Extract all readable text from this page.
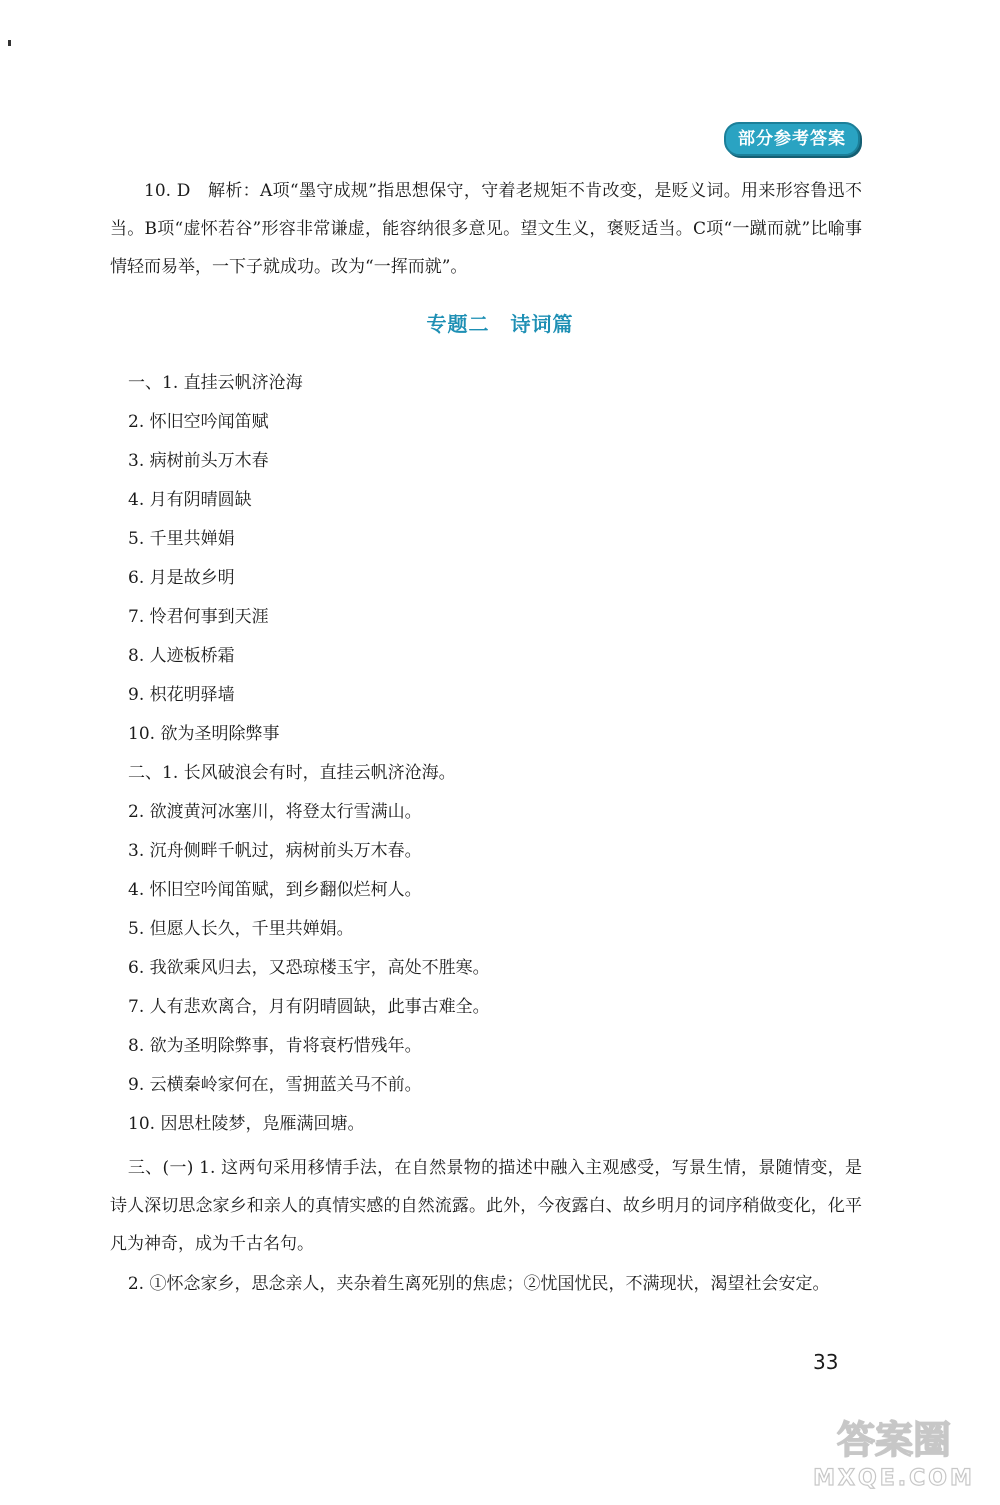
部分参考答案
10. D　解析：A项“墨守成规”指思想保守，守着老规矩不肯改变，是贬义词。用来形容鲁迅不当。B项“虚怀若谷”形容非常谦虚，能容纳很多意见。望文生义，褒贬适当。C项“一蹴而就”比喻事情轻而易举，一下子就成功。改为“一挥而就”。
专题二　诗词篇
一、1. 直挂云帆济沧海
2. 怀旧空吟闻笛赋
3. 病树前头万木春
4. 月有阴晴圆缺
5. 千里共婵娟
6. 月是故乡明
7. 怜君何事到天涯
8. 人迹板桥霜
9. 枳花明驿墙
10. 欲为圣明除弊事
二、1. 长风破浪会有时，直挂云帆济沧海。
2. 欲渡黄河冰塞川，将登太行雪满山。
3. 沉舟侧畔千帆过，病树前头万木春。
4. 怀旧空吟闻笛赋，到乡翻似烂柯人。
5. 但愿人长久，千里共婵娟。
6. 我欲乘风归去，又恐琼楼玉宇，高处不胜寒。
7. 人有悲欢离合，月有阴晴圆缺，此事古难全。
8. 欲为圣明除弊事，肯将衰朽惜残年。
9. 云横秦岭家何在，雪拥蓝关马不前。
10. 因思杜陵梦，凫雁满回塘。
三、(一) 1. 这两句采用移情手法，在自然景物的描述中融入主观感受，写景生情，景随情变，是诗人深切思念家乡和亲人的真情实感的自然流露。此外，今夜露白、故乡明月的词序稍做变化，化平凡为神奇，成为千古名句。
2. ①怀念家乡，思念亲人，夹杂着生离死别的焦虑；②忧国忧民，不满现状，渴望社会安定。
33
答案圈
MXQE.COM
